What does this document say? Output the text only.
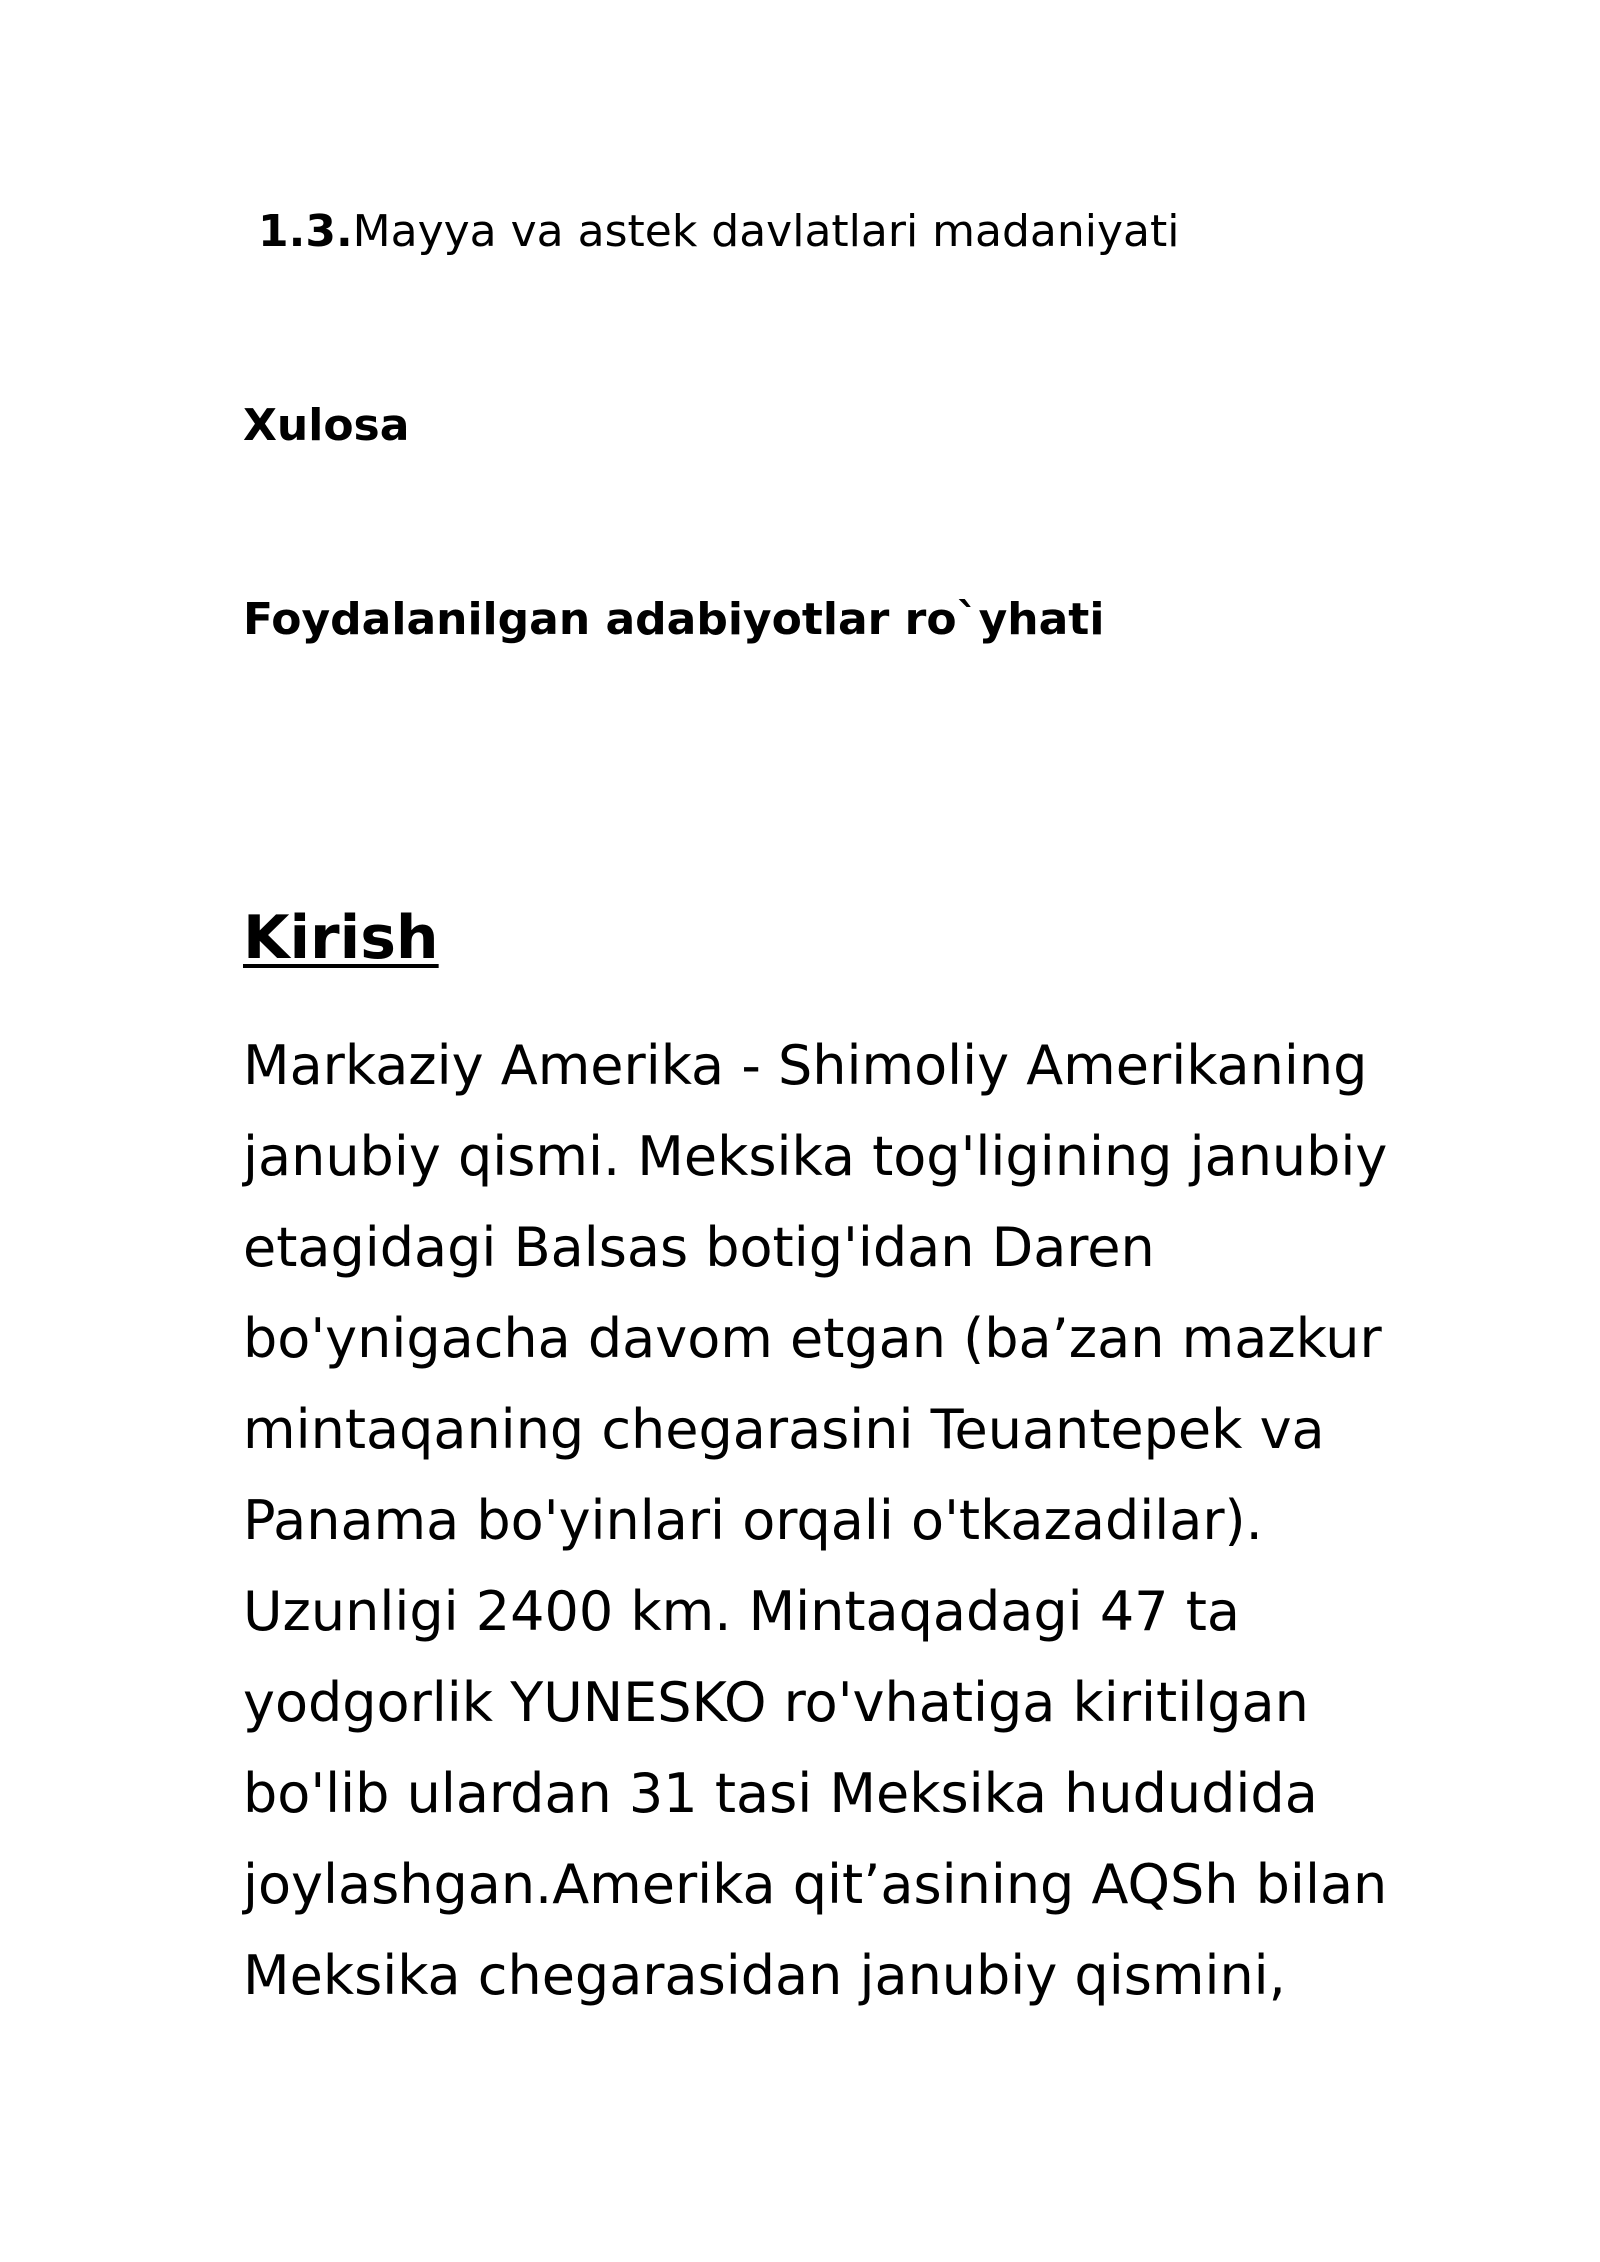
1.3.Mayya va astek davlatlari madaniyati
Xulosa
Foydalanilgan adabiyotlar ro`yhati
Kirish

Markaziy Amerika - Shimoliy Amerikaning
janubiy qismi. Meksika tog'ligining janubiy
etagidagi Balsas botig'idan Daren
bo'ynigacha davom etgan (ba’zan mazkur
mintaqaning chegarasini Teuantepek va
Panama bo'yinlari orqali o'tkazadilar).
Uzunligi 2400 km. Mintaqadagi 47 ta
yodgorlik YUNESKO ro'vhatiga kiritilgan
bo'lib ulardan 31 tasi Meksika hududida
joylashgan.Amerika qit’asining AQSh bilan
Meksika chegarasidan janubiy qismini,
